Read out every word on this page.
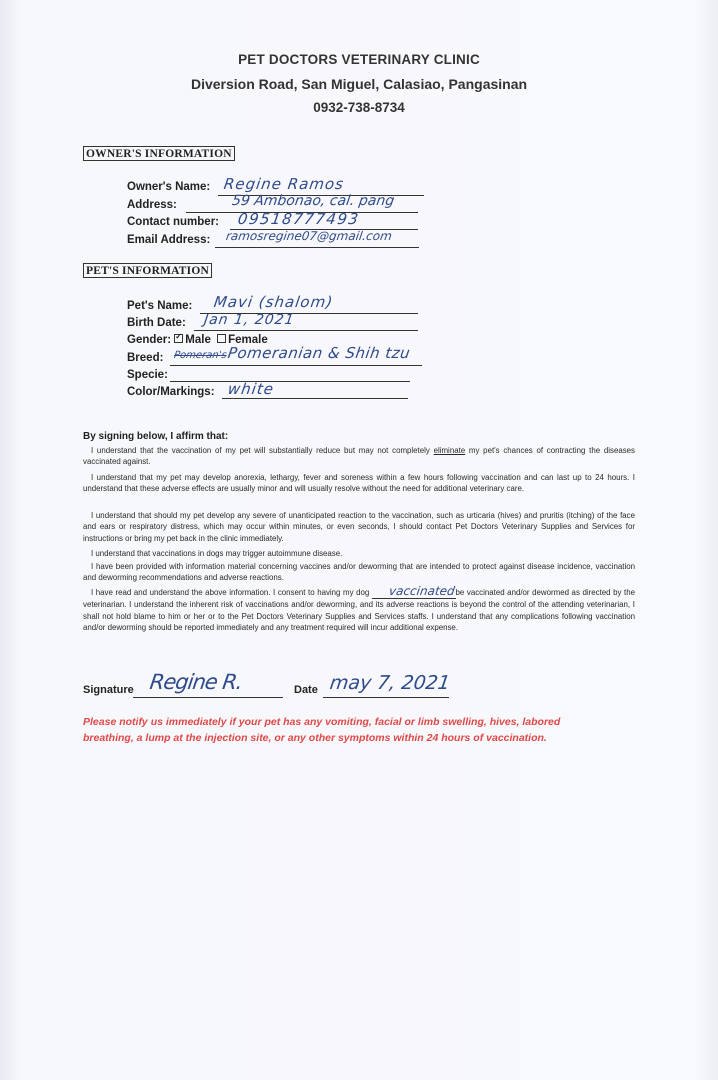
PET DOCTORS VETERINARY CLINIC
Diversion Road, San Miguel, Calasiao, Pangasinan
0932-738-8734
OWNER'S INFORMATION
Owner's Name: Regine Ramos
Address:	59 Ambonao, cal. pang
Contact number: 09518777493
Email Address: ramosregine07@gmail.com
PET'S INFORMATION
Pet's Name: Mavi (shalom)
Birth Date: Jan 1, 2021
Gender: ✓ Male Female
Breed: Pomeran's Pomeranian & Shih tzu
Specie:
Color/Markings: white
By signing below, I affirm that:
I understand that the vaccination of my pet will substantially reduce but may not completely eliminate my pet's chances of contracting the diseases vaccinated against.
I understand that my pet may develop anorexia, lethargy, fever and soreness within a few hours following vaccination and can last up to 24 hours. I understand that these adverse effects are usually minor and will usually resolve without the need for additional veterinary care.
I understand that should my pet develop any severe of unanticipated reaction to the vaccination, such as urticaria (hives) and pruritis (itching) of the face and ears or respiratory distress, which may occur within minutes, or even seconds, I should contact Pet Doctors Veterinary Supplies and Services for instructions or bring my pet back in the clinic immediately.
I understand that vaccinations in dogs may trigger autoimmune disease.
I have been provided with information material concerning vaccines and/or deworming that are intended to protect against disease incidence, vaccination and deworming recommendations and adverse reactions.
I have read and understand the above information. I consent to having my dog vaccinatedbe vaccinated and/or dewormed as directed by the veterinarian. I understand the inherent risk of vaccinations and/or deworming, and its adverse reactions is beyond the control of the attending veterinarian, I shall not hold blame to him or her or to the Pet Doctors Veterinary Supplies and Services staffs. I understand that any complications following vaccination and/or deworming should be reported immediately and any treatment required will incur additional expense.
Signature Regine R.	Date may 7, 2021
Please notify us immediately if your pet has any vomiting, facial or limb swelling, hives, labored breathing, a lump at the injection site, or any other symptoms within 24 hours of vaccination.
